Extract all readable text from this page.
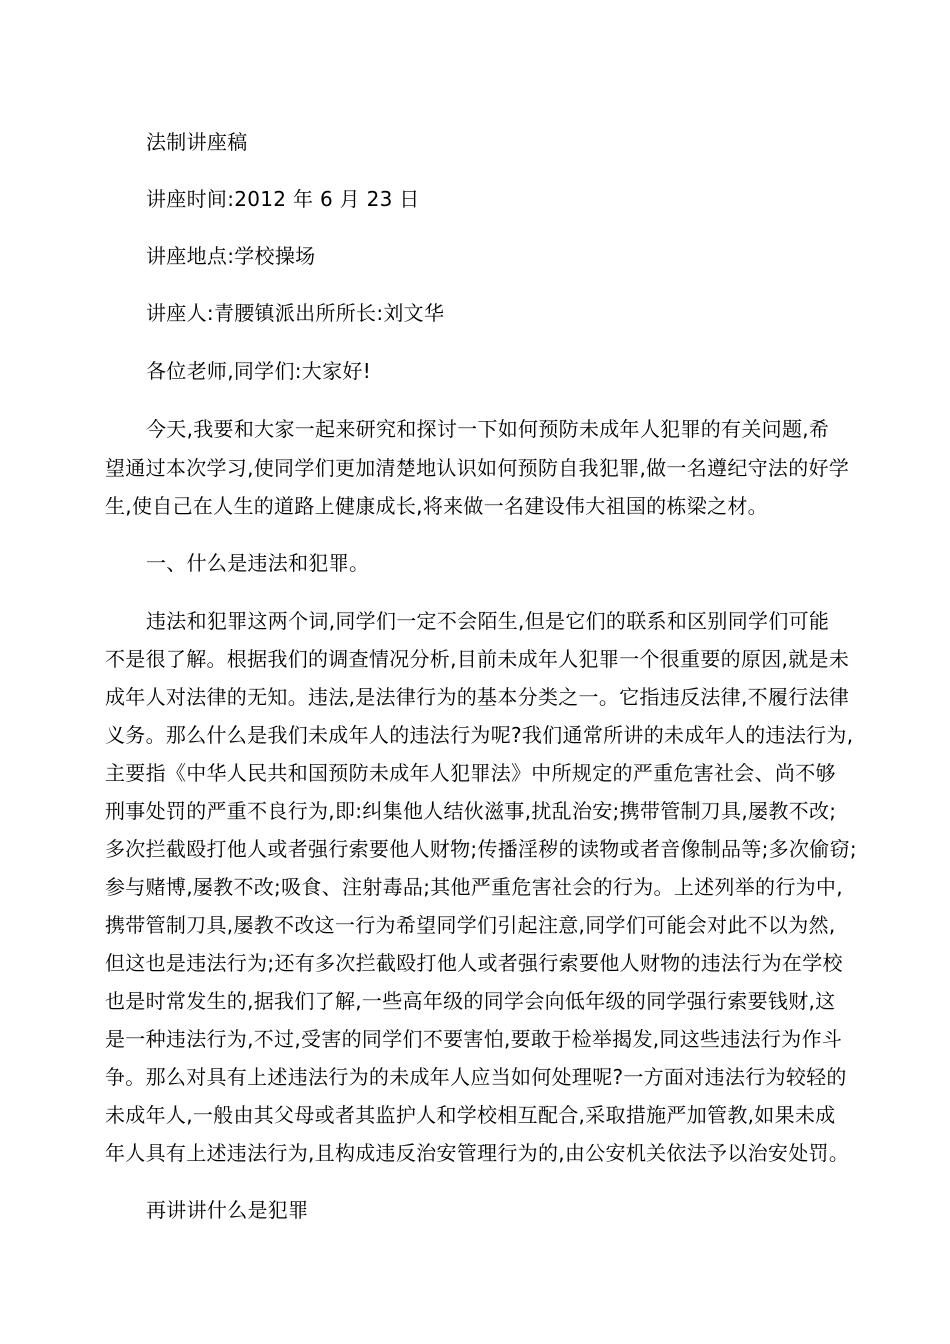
法制讲座稿

讲座时间:2012 年 6 月 23 日

讲座地点:学校操场

讲座人:青腰镇派出所所长:刘文华

各位老师,同学们:大家好!

今天,我要和大家一起来研究和探讨一下如何预防未成年人犯罪的有关问题,希

望通过本次学习,使同学们更加清楚地认识如何预防自我犯罪,做一名遵纪守法的好学

生,使自己在人生的道路上健康成长,将来做一名建设伟大祖国的栋梁之材。

一、什么是违法和犯罪。

违法和犯罪这两个词,同学们一定不会陌生,但是它们的联系和区别同学们可能

不是很了解。根据我们的调查情况分析,目前未成年人犯罪一个很重要的原因,就是未

成年人对法律的无知。违法,是法律行为的基本分类之一。它指违反法律,不履行法律

义务。那么什么是我们未成年人的违法行为呢?我们通常所讲的未成年人的违法行为,

主要指《中华人民共和国预防未成年人犯罪法》中所规定的严重危害社会、尚不够

刑事处罚的严重不良行为,即:纠集他人结伙滋事,扰乱治安;携带管制刀具,屡教不改;

多次拦截殴打他人或者强行索要他人财物;传播淫秽的读物或者音像制品等;多次偷窃;

参与赌博,屡教不改;吸食、注射毒品;其他严重危害社会的行为。上述列举的行为中,

携带管制刀具,屡教不改这一行为希望同学们引起注意,同学们可能会对此不以为然,

但这也是违法行为;还有多次拦截殴打他人或者强行索要他人财物的违法行为在学校

也是时常发生的,据我们了解,一些高年级的同学会向低年级的同学强行索要钱财,这

是一种违法行为,不过,受害的同学们不要害怕,要敢于检举揭发,同这些违法行为作斗

争。那么对具有上述违法行为的未成年人应当如何处理呢?一方面对违法行为较轻的

未成年人,一般由其父母或者其监护人和学校相互配合,采取措施严加管教,如果未成

年人具有上述违法行为,且构成违反治安管理行为的,由公安机关依法予以治安处罚。

再讲讲什么是犯罪
